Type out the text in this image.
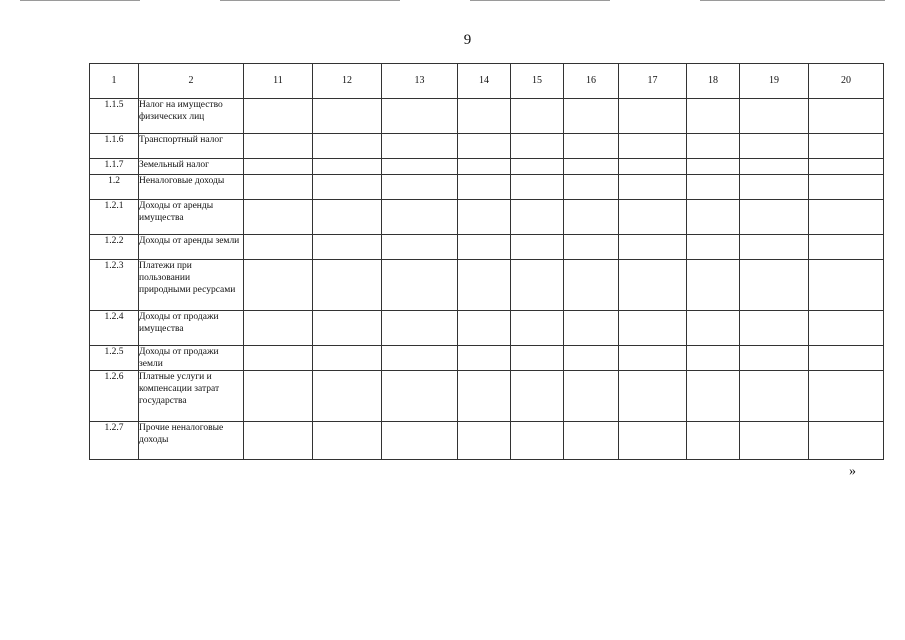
9
1	2	11	12	13	14	15	16	17	18	19	20
1.1.5	Налог на имущество физических лиц										
1.1.6	Транспортный налог										
1.1.7	Земельный налог										
1.2	Неналоговые доходы										
1.2.1	Доходы от аренды имущества										
1.2.2	Доходы от аренды земли										
1.2.3	Платежи при пользовании природными ресурсами										
1.2.4	Доходы от продажи имущества										
1.2.5	Доходы от продажи земли										
1.2.6	Платные услуги и компенсации затрат государства										
1.2.7	Прочие неналоговые доходы										
»
